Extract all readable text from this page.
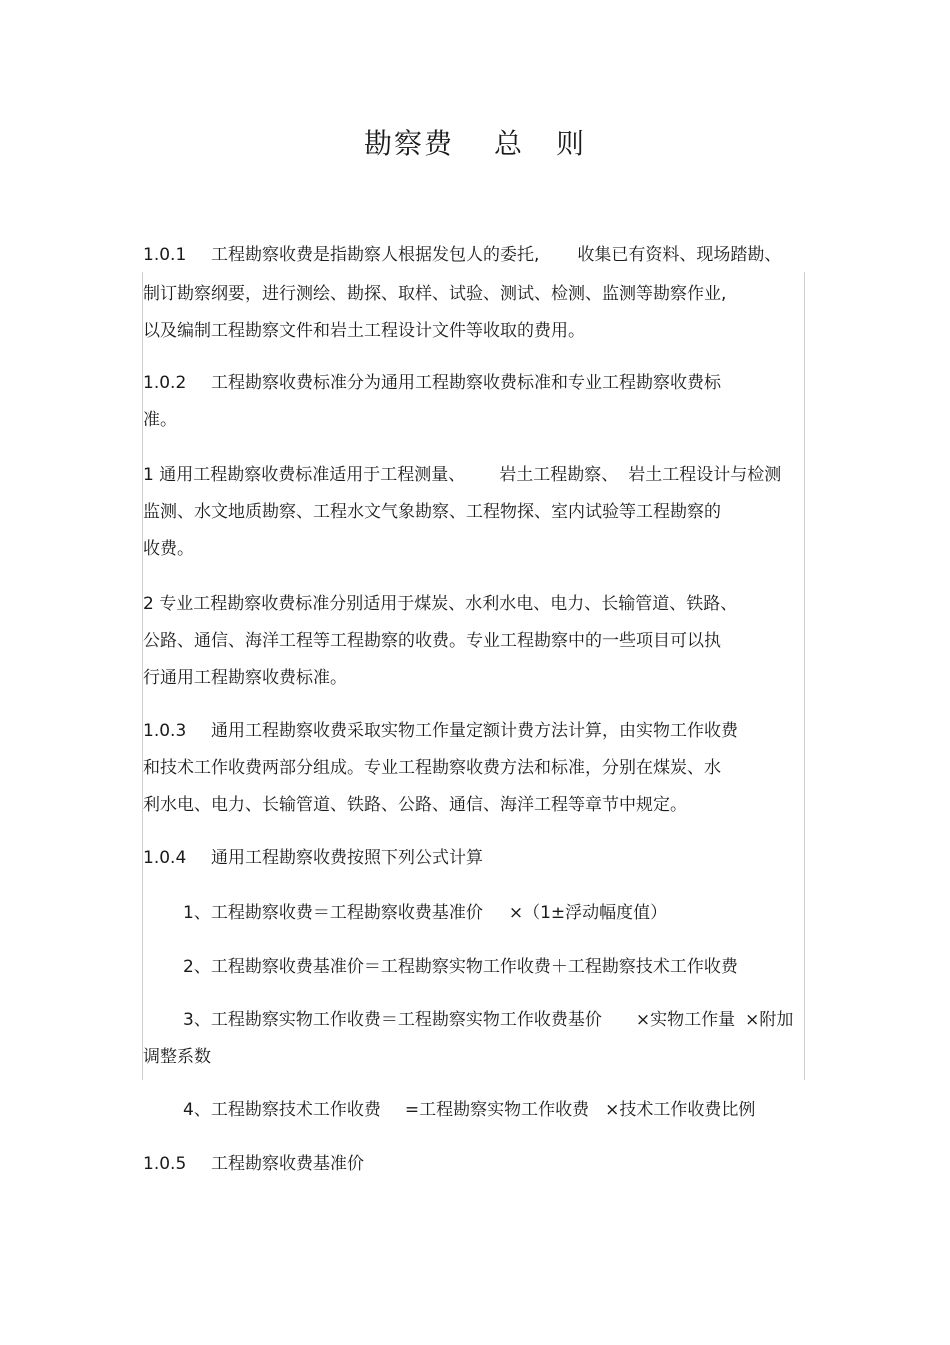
勘察费 总 则
1.0.1 工程勘察收费是指勘察人根据发包人的委托, 收集已有资料、现场踏勘、
制订勘察纲要，进行测绘、勘探、取样、试验、测试、检测、监测等勘察作业,
以及编制工程勘察文件和岩土工程设计文件等收取的费用。
1.0.2 工程勘察收费标准分为通用工程勘察收费标准和专业工程勘察收费标
准。
1 通用工程勘察收费标准适用于工程测量、 岩土工程勘察、 岩土工程设计与检测
监测、水文地质勘察、工程水文气象勘察、工程物探、室内试验等工程勘察的
收费。
2 专业工程勘察收费标准分别适用于煤炭、水利水电、电力、长输管道、铁路、
公路、通信、海洋工程等工程勘察的收费。专业工程勘察中的一些项目可以执
行通用工程勘察收费标准。
1.0.3 通用工程勘察收费采取实物工作量定额计费方法计算，由实物工作收费
和技术工作收费两部分组成。专业工程勘察收费方法和标准，分别在煤炭、水
利水电、电力、长输管道、铁路、公路、通信、海洋工程等章节中规定。
1.0.4 通用工程勘察收费按照下列公式计算
1、工程勘察收费＝工程勘察收费基准价 ×（1±浮动幅度值）
2、工程勘察收费基准价＝工程勘察实物工作收费＋工程勘察技术工作收费
3、工程勘察实物工作收费＝工程勘察实物工作收费基价 ×实物工作量 ×附加
调整系数
4、工程勘察技术工作收费 =工程勘察实物工作收费 ×技术工作收费比例
1.0.5 工程勘察收费基准价
